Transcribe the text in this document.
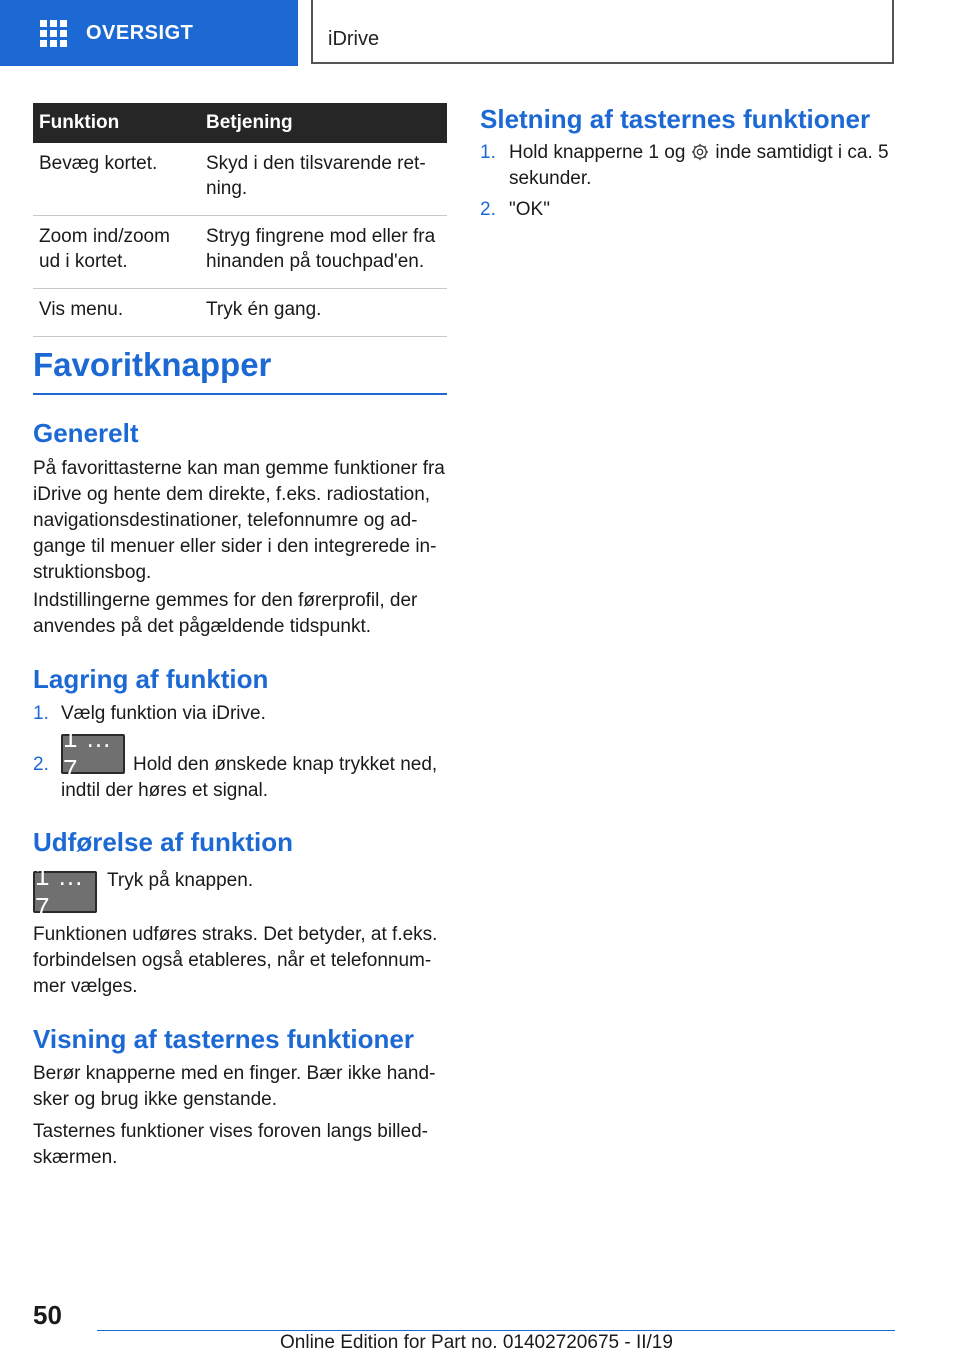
OVERSIGT	iDrive
Funktion	Betjening
Bevæg kortet.	Skyd i den tilsvarende retning.
Zoom ind/zoom ud i kortet.	Stryg fingrene mod eller fra hinanden på touchpad'en.
Vis menu.	Tryk én gang.
Favoritknapper
Generelt

På favorittasterne kan man gemme funktioner fra iDrive og hente dem direkte, f.eks. radiostation, navigationsdestinationer, telefonnumre og adgange til menuer eller sider i den integrerede instruktionsbog.

Indstillingerne gemmes for den førerprofil, der anvendes på det pågældende tidspunkt.

Lagring af funktion
1. Vælg funktion via iDrive.

2.
1 ... 7	Hold den ønskede knap trykket ned, indtil der høres et signal.

Udførelse af funktion
1 ... 7

Tryk på knappen.

Funktionen udføres straks. Det betyder, at f.eks. forbindelsen også etableres, når et telefonnummer vælges.

Visning af tasternes funktioner

Berør knapperne med en finger. Bær ikke handsker og brug ikke genstande.

Tasternes funktioner vises foroven langs billedskærmen.

Sletning af tasternes funktioner
1. Hold knapperne 1 og inde samtidigt i ca. 5 sekunder.

2. "OK"

50
Online Edition for Part no. 01402720675 - II/19
